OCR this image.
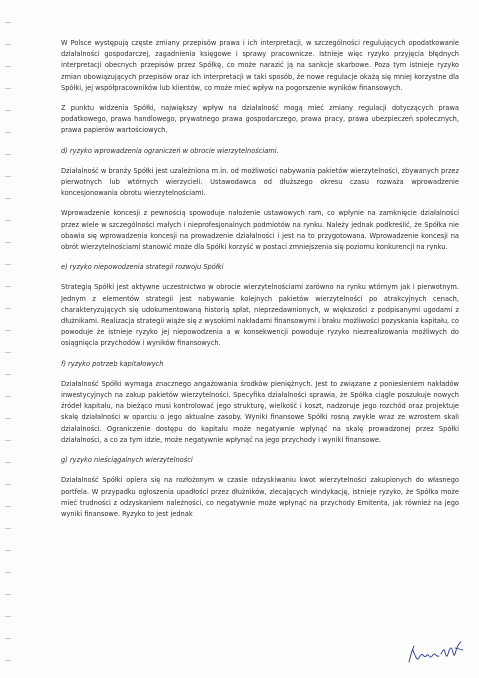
W Polsce występują częste zmiany przepisów prawa i ich interpretacji, w szczególności regulujących opodatkowanie działalności gospodarczej, zagadnienia księgowe i sprawy pracownicze. Istnieje więc ryzyko przyjęcia błędnych interpretacji obecnych przepisów przez Spółkę, co może narazić ją na sankcje skarbowe. Poza tym istnieje ryzyko zmian obowiązujących przepisów oraz ich interpretacji w taki sposób, że nowe regulacje okażą się mniej korzystne dla Spółki, jej współpracowników lub klientów, co może mieć wpływ na pogorszenie wyników finansowych.

Z punktu widzenia Spółki, największy wpływ na działalność mogą mieć zmiany regulacji dotyczących prawa podatkowego, prawa handlowego, prywatnego prawa gospodarczego, prawa pracy, prawa ubezpieczeń społecznych, prawa papierów wartościowych.

d) ryzyko wprowadzenia ograniczeń w obrocie wierzytelnościami.

Działalność w branży Spółki jest uzależniona m.in. od możliwości nabywania pakietów wierzytelności, zbywanych przez pierwotnych lub wtórnych wierzycieli. Ustawodawca od dłuższego okresu czasu rozważa wprowadzenie koncesjonowania obrotu wierzytelnościami.

Wprowadzenie koncesji z pewnością spowoduje nałożenie ustawowych ram, co wpłynie na zamknięcie działalności przez wiele w szczególności małych i nieprofesjonalnych podmiotów na rynku. Należy jednak podkreślić, że Spółka nie obawia się wprowadzenia koncesji na prowadzenie działalności i jest na to przygotowana. Wprowadzenie koncesji na obrót wierzytelnościami stanowić może dla Spółki korzyść w postaci zmniejszenia się poziomu konkurencji na rynku.

e) ryzyko niepowodzenia strategii rozwoju Spółki

Strategią Spółki jest aktywne uczestnictwo w obrocie wierzytelnościami zarówno na rynku wtórnym jak i pierwotnym. Jednym z elementów strategii jest nabywanie kolejnych pakietów wierzytelności po atrakcyjnych cenach, charakteryzujących się udokumentowaną historią spłat, nieprzedawnionych, w większości z podpisanymi ugodami z dłużnikami. Realizacja strategii wiąże się z wysokimi nakładami finansowymi i braku możliwości pozyskania kapitału, co powoduje że istnieje ryzyko jej niepowodzenia a w konsekwencji powoduje ryzyko niezrealizowania możliwych do osiągnięcia przychodów i wyników finansowych.

f) ryzyko potrzeb kapitałowych

Działalność Spółki wymaga znacznego angażowania środków pieniężnych. Jest to związane z poniesieniem nakładów inwestycyjnych na zakup pakietów wierzytelności. Specyfika działalności sprawia, że Spółka ciągle poszukuje nowych źródeł kapitału, na bieżąco musi kontrolować jego strukturę, wielkość i koszt, nadzoruje jego rozchód oraz projektuje skalę działalności w oparciu o jego aktualne zasoby. Wyniki finansowe Spółki rosną zwykle wraz ze wzrostem skali działalności. Ograniczenie dostępu do kapitału może negatywnie wpłynąć na skalę prowadzonej przez Spółki działalności, a co za tym idzie, może negatywnie wpłynąć na jego przychody i wyniki finansowe.

g) ryzyko nieściągalnych wierzytelności

Działalność Spółki opiera się na rozłożonym w czasie odzyskiwaniu kwot wierzytelności zakupionych do własnego portfela. W przypadku ogłoszenia upadłości przez dłużników, zlecających windykację, istnieje ryzyko, że Spółka może mieć trudności z odzyskaniem należności, co negatywnie może wpłynąć na przychody Emitenta, jak również na jego wyniki finansowe. Ryzyko to jest jednak
